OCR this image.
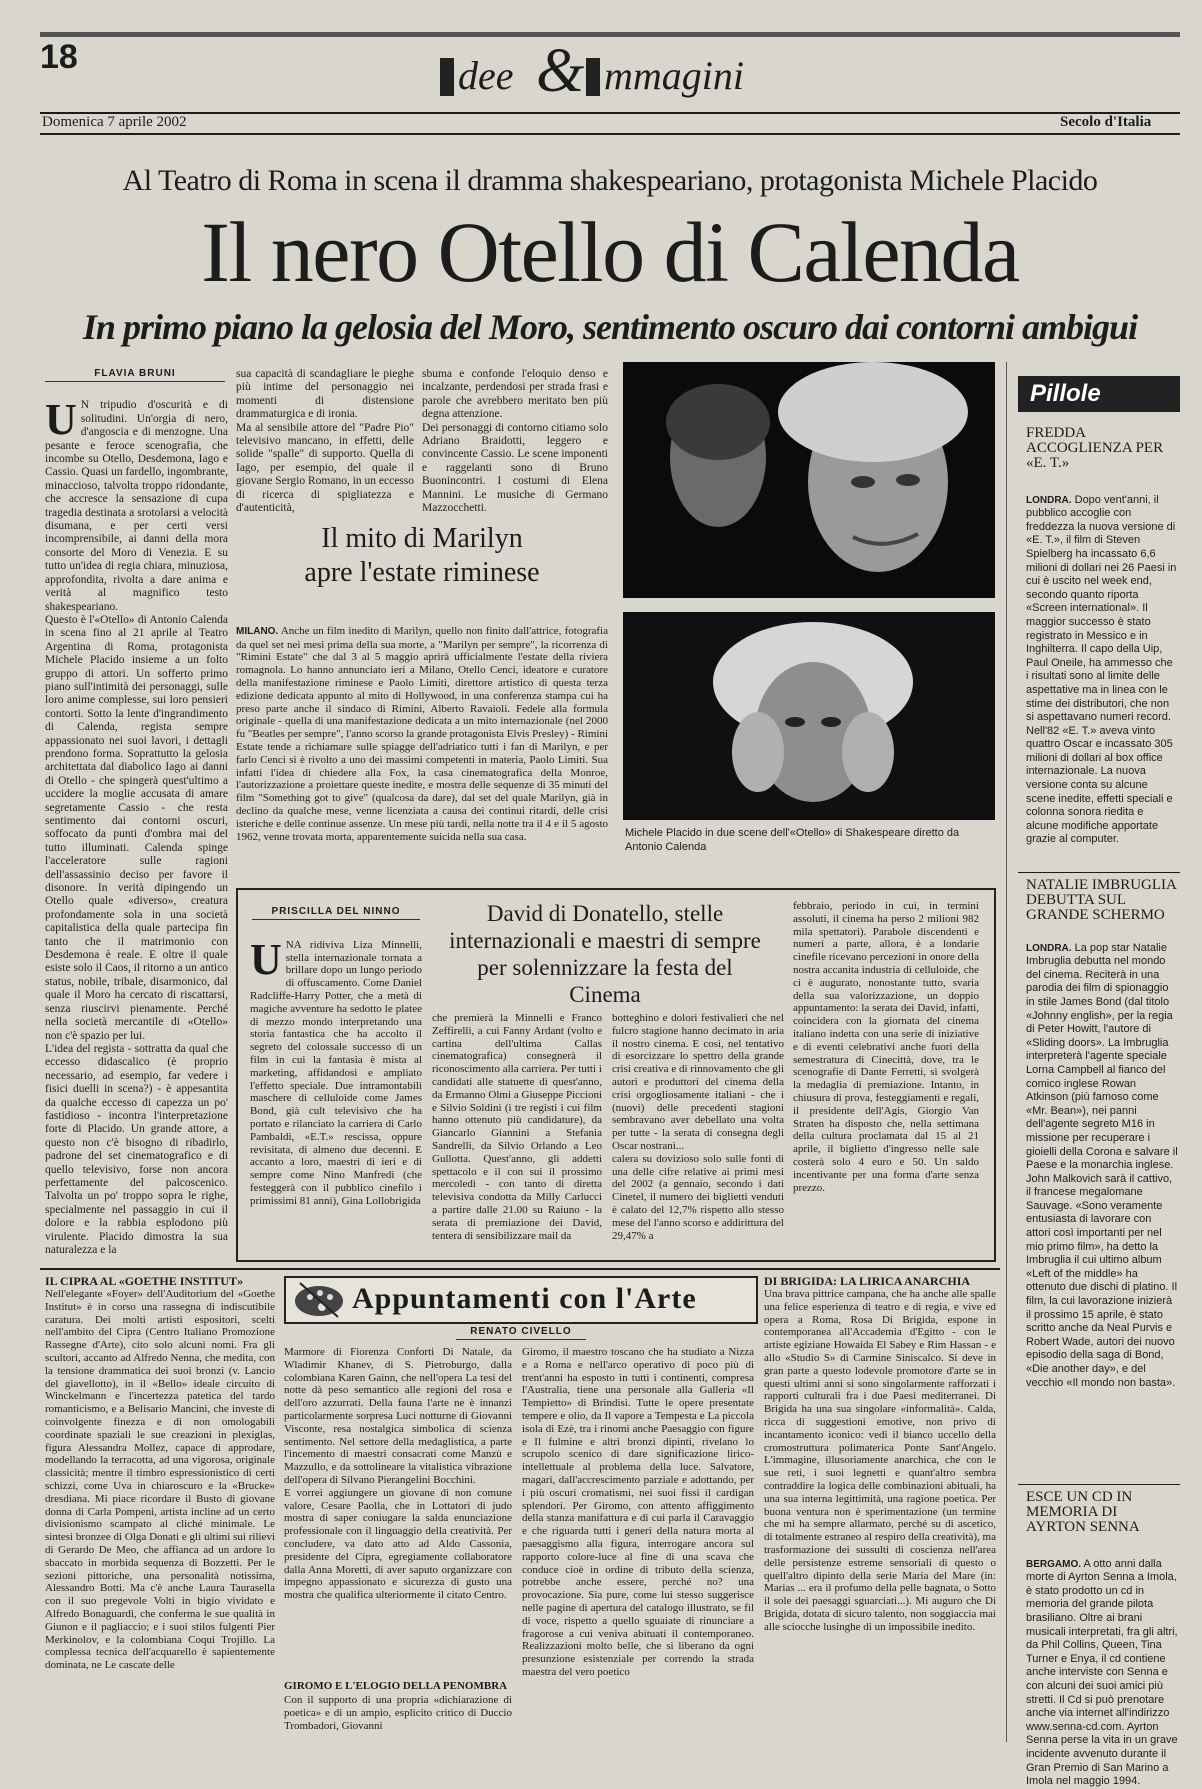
18	dee & mmagini
Domenica 7 aprile 2002	Secolo d'Italia
Al Teatro di Roma in scena il dramma shakespeariano, protagonista Michele Placido
Il nero Otello di Calenda
In primo piano la gelosia del Moro, sentimento oscuro dai contorni ambigui
FLAVIA BRUNI

U N tripudio d'oscurità e di solitudini. Un'orgia di nero, d'angoscia e di menzogne. Una pesante e feroce scenografia, che incombe su Otello, Desdemona, Iago e Cassio. Quasi un fardello, ingombrante, minaccioso, talvolta troppo ridondante, che accresce la sensazione di cupa tragedia destinata a srotolarsi a velocità disumana, e per certi versi incomprensibile, ai danni della mora consorte del Moro di Venezia. E su tutto un'idea di regia chiara, minuziosa, approfondita, rivolta a dare anima e verità al magnifico testo shakespeariano.
Questo è l'«Otello» di Antonio Calenda in scena fino al 21 aprile al Teatro Argentina di Roma, protagonista Michele Placido insieme a un folto gruppo di attori. Un sofferto primo piano sull'intimità dei personaggi, sulle loro anime complesse, sui loro pensieri contorti. Sotto la lente d'ingrandimento di Calenda, regista sempre appassionato nei suoi lavori, i dettagli prendono forma. Soprattutto la gelosia architettata dal diabolico Iago ai danni di Otello - che spingerà quest'ultimo a uccidere la moglie accusata di amare segretamente Cassio - che resta sentimento dai contorni oscuri, soffocato da punti d'ombra mai del tutto illuminati. Calenda spinge l'acceleratore sulle ragioni dell'assassinio deciso per favore il disonore. In verità dipingendo un Otello quale «diverso», creatura profondamente sola in una società capitalistica della quale partecipa fin tanto che il matrimonio con Desdemona è reale. E oltre il quale esiste solo il Caos, il ritorno a un antico status, nobile, tribale, disarmonico, dal quale il Moro ha cercato di riscattarsi, senza riuscirvi pienamente. Perché nella società mercantile di «Otello» non c'è spazio per lui.
L'idea del regista - sottratta da qual che eccesso didascalico (è proprio necessario, ad esempio, far vedere i fisici duelli in scena?) - è appesantita da qualche eccesso di capezza un po' fastidioso - incontra l'interpretazione forte di Placido. Un grande attore, a questo non c'è bisogno di ribadirlo, padrone del set cinematografico e di quello televisivo, forse non ancora perfettamente del palcoscenico. Talvolta un po' troppo sopra le righe, specialmente nel passaggio in cui il dolore e la rabbia esplodono più virulente. Placido dimostra la sua naturalezza e la

sua capacità di scandagliare le pieghe più intime del personaggio nei momenti di distensione drammaturgica e di ironia.
Ma al sensibile attore del "Padre Pio" televisivo mancano, in effetti, delle solide "spalle" di supporto. Quella di Iago, per esempio, del quale il giovane Sergio Romano, in un eccesso di ricerca di spigliatezza e d'autenticità,
sbuma e confonde l'eloquio denso e incalzante, perdendosi per strada frasi e parole che avrebbero meritato ben più degna attenzione.
Dei personaggi di contorno citiamo solo Adriano Braidotti, leggero e convincente Cassio. Le scene imponenti e raggelanti sono di Bruno Buonincontri. I costumi di Elena Mannini. Le musiche di Germano Mazzocchetti.
Il mito di Marilyn
apre l'estate riminese

MILANO. Anche un film inedito di Marilyn, quello non finito dall'attrice, fotografia da quel set nei mesi prima della sua morte, a "Marilyn per sempre", la ricorrenza di "Rimini Estate" che dal 3 al 5 maggio aprirà ufficialmente l'estate della riviera romagnola. Lo hanno annunciato ieri a Milano, Otello Cenci, ideatore e curatore della manifestazione riminese e Paolo Limiti, direttore artistico di questa terza edizione dedicata appunto al mito di Hollywood, in una conferenza stampa cui ha preso parte anche il sindaco di Rimini, Alberto Ravaioli. Fedele alla formula originale - quella di una manifestazione dedicata a un mito internazionale (nel 2000 fu "Beatles per sempre", l'anno scorso la grande protagonista Elvis Presley) - Rimini Estate tende a richiamare sulle spiagge dell'adriatico tutti i fan di Marilyn, e per farlo Cenci si è rivolto a uno dei massimi competenti in materia, Paolo Limiti. Sua infatti l'idea di chiedere alla Fox, la casa cinematografica della Monroe, l'autorizzazione a proiettare queste inedite, e mostra delle sequenze di 35 minuti del film "Something got to give" (qualcosa da dare), dal set del quale Marilyn, già in declino da qualche mese, venne licenziata a causa dei continui ritardi, delle crisi isteriche e delle continue assenze. Un mese più tardi, nella notte tra il 4 e il 5 agosto 1962, venne trovata morta, apparentemente suicida nella sua casa.	Michele Placido in due scene dell'«Otello» di Shakespeare diretto da Antonio Calenda
PRISCILLA DEL NINNO	David di Donatello, stelle internazionali e maestri di sempre per solennizzare la festa del Cinema

UNA ridiviva Liza Minnelli, stella internazionale tornata a brillare dopo un lungo periodo di offuscamento. Come Daniel Radcliffe-Harry Potter, che a metà di magiche avventure ha sedotto le platee di mezzo mondo interpretando una storia fantastica che ha accolto il segreto del colossale successo di un film in cui la fantasia è mista al marketing, affidandosi e ampliato l'effetto speciale. Due intramontabili maschere di celluloide come James Bond, già cult televisivo che ha portato e rilanciato la carriera di Carlo Pambaldi, «E.T.» rescissa, oppure revisitata, di almeno due decenni. E accanto a loro, maestri di ieri e di sempre come Nino Manfredi (che festeggerà con il pubblico cinefilo i primissimi 81 anni), Gina Lollobrigida

che premierà la Minnelli e Franco Zeffirelli, a cui Fanny Ardant (volto e cartina dell'ultima Callas cinematografica) consegnerà il riconoscimento alla carriera. Per tutti i candidati alle statuette di quest'anno, da Ermanno Olmi a Giuseppe Piccioni e Silvio Soldini (i tre registi i cui film hanno ottenuto più candidature), da Giancarlo Giannini a Stefania Sandrelli, da Silvio Orlando a Leo Gullotta. Quest'anno, gli addetti spettacolo e il con sui il prossimo mercoledì - con tanto di diretta televisiva condotta da Milly Carlucci a partire dalle 21.00 su Raiuno - la serata di premiazione dei David, tentera di sensibilizzare mail da
botteghino e dolori festivalieri che nel fulcro stagione hanno decimato in aria il nostro cinema. E così, nel tentativo di esorcizzare lo spettro della grande crisi creativa e di rinnovamento che gli autori e produttori del cinema della crisi orgogliosamente italiani - che i (nuovi) delle precedenti stagioni sembravano aver debellato una volta per tutte - la serata di consegna degli Oscar nostrani...
calera su dovizioso solo sulle fonti di una delle cifre relative ai primi mesi del 2002 (a gennaio, secondo i dati Cinetel, il numero dei biglietti venduti è calato del 12,7% rispetto allo stesso mese del l'anno scorso e addirittura del 29,47% a
febbraio, periodo in cui, in termini assoluti, il cinema ha perso 2 milioni 982 mila spettatori). Parabole discendenti e numeri a parte, allora, è a londarie cinefile ricevano percezioni in onore della nostra accanita industria di celluloide, che ci è augurato, nonostante tutto, svaria della sua valorizzazione, un doppio appuntamento: la serata dei David, infatti, coincidera con la giornata del cinema italiano indetta con una serie di iniziative e di eventi celebrativi anche fuori della semestratura di Cinecittà, dove, tra le scenografie di Dante Ferretti, si svolgerà la medaglia di premiazione. Intanto, in chiusura di prova, festeggiamenti e regali, il presidente dell'Agis, Giorgio Van Straten ha disposto che, nella settimana della cultura proclamata dal 15 al 21 aprile, il biglietto d'ingresso nelle sale costerà solo 4 euro e 50. Un saldo incentivante per una forma d'arte senza prezzo.
Pillole
FREDDA ACCOGLIENZA PER «E. T.»

LONDRA. Dopo vent'anni, il pubblico accoglie con freddezza la nuova versione di «E. T.», il film di Steven Spielberg ha incassato 6,6 milioni di dollari nei 26 Paesi in cui è uscito nel week end, secondo quanto riporta «Screen international». Il maggior successo è stato registrato in Messico e in Inghilterra. Il capo della Uip, Paul Oneile, ha ammesso che i risultati sono al limite delle aspettative ma in linea con le stime dei distributori, che non si aspettavano numeri record. Nell'82 «E. T.» aveva vinto quattro Oscar e incassato 305 milioni di dollari al box office internazionale. La nuova versione conta su alcune scene inedite, effetti speciali e colonna sonora riedita e alcune modifiche apportate grazie al computer.

NATALIE IMBRUGLIA DEBUTTA SUL GRANDE SCHERMO

LONDRA. La pop star Natalie Imbruglia debutta nel mondo del cinema. Reciterà in una parodia dei film di spionaggio in stile James Bond (dal titolo «Johnny english», per la regia di Peter Howitt, l'autore di «Sliding doors». La Imbruglia interpreterà l'agente speciale Lorna Campbell al fianco del comico inglese Rowan Atkinson (più famoso come «Mr. Bean»), nei panni dell'agente segreto M16 in missione per recuperare i gioielli della Corona e salvare il Paese e la monarchia inglese. John Malkovich sarà il cattivo, il francese megalomane Sauvage. «Sono veramente entusiasta di lavorare con attori così importanti per nel mio primo film», ha detto la Imbruglia il cui ultimo album «Left of the middle» ha ottenuto due dischi di platino. Il film, la cui lavorazione inizierà il prossimo 15 aprile, è stato scritto anche da Neal Purvis e Robert Wade, autori dei nuovo episodio della saga di Bond, «Die another day», e del vecchio «Il mondo non basta».

ESCE UN CD IN MEMORIA DI AYRTON SENNA

BERGAMO. A otto anni dalla morte di Ayrton Senna a Imola, è stato prodotto un cd in memoria del grande pilota brasiliano. Oltre ai brani musicali interpretati, fra gli altri, da Phil Collins, Queen, Tina Turner e Enya, il cd contiene anche interviste con Senna e con alcuni dei suoi amici più stretti. Il Cd si può prenotare anche via internet all'indirizzo www.senna-cd.com. Ayrton Senna perse la vita in un grave incidente avvenuto durante il Gran Premio di San Marino a Imola nel maggio 1994.

IL CIPRA AL «GOETHE INSTITUT»
Nell'elegante «Foyer» dell'Auditorium del «Goethe Institut» è in corso una rassegna di indiscutibile caratura. Dei molti artisti espositori, scelti nell'ambito del Cipra (Centro Italiano Promozione Rassegne d'Arte), cito solo alcuni nomi. Fra gli scultori, accanto ad Alfredo Nenna, che medita, con la tensione drammatica dei suoi bronzi (v. Lancio del giavellotto), in il «Bello» ideale circuito di Winckelmann e l'incertezza patetica del tardo romanticismo, e a Belisario Mancini, che investe di coinvolgente finezza e di non omologabili coordinate spaziali le sue creazioni in plexiglas, figura Alessandra Mollez, capace di approdare, modellando la terracotta, ad una vigorosa, originale classicità; mentre il timbro espressionistico di certi schizzi, come Uva in chiaroscuro e la «Brucke» dresdiana. Mi piace ricordare il Busto di giovane donna di Carla Pompeni, artista incline ad un certo divisionismo scampato al cliché minimale. Le sintesi bronzee di Olga Donati e gli ultimi sui rilievi di Gerardo De Meo, che affianca ad un ardore lo sbaccato in morbida sequenza di Bozzetti. Per le sezioni pittoriche, una personalità notissima, Alessandro Botti. Ma c'è anche Laura Taurasella con il suo pregevole Volti in bigio vividato e Alfredo Bonaguardi, che conferma le sue qualità in Giunon e il pagliaccio; e i suoi stilos fulgenti Pier Merkinolov, e la colombiana Coqui Trojillo. La complessa tecnica dell'acquarello è sapientemente dominata, ne Le cascate delle
Appuntamenti con l'Arte
RENATO CIVELLO
Marmore di Fiorenza Conforti Di Natale, da Wladimir Khanev, di S. Pietroburgo, dalla colombiana Karen Gainn, che nell'opera La tesi del notte dà peso semantico alle regioni del rosa e dell'oro azzurrati. Della fauna l'arte ne è innanzi particolarmente sorpresa Luci notturne di Giovanni Visconte, resa nostalgica simbolica di scienza sentimento. Nel settore della medaglistica, a parte l'incemento di maestri consacrati come Manzù e Mazzullo, e da sottolineare la vitalistica vibrazione dell'opera di Silvano Pierangelini Bocchini.
E vorrei aggiungere un giovane di non comune valore, Cesare Paolla, che in Lottatori di judo mostra di saper coniugare la salda enunciazione professionale con il linguaggio della creatività. Per concludere, va dato atto ad Aldo Cassonia, presidente del Cipra, egregiamente collaboratore dalla Anna Moretti, di aver saputo organizzare con impegno appassionato e sicurezza di gusto una mostra che qualifica ulteriormente il citato Centro.
GIROMO E L'ELOGIO DELLA PENOMBRA
Con il supporto di una propria «dichiarazione di poetica» e di un ampio, esplicito critico di Duccio Trombadori, Giovanni
Giromo, il maestro toscano che ha studiato a Nizza e a Roma e nell'arco operativo di poco più di trent'anni ha esposto in tutti i continenti, compresa l'Australia, tiene una personale alla Galleria «Il Tempietto» di Brindisi. Tutte le opere presentate tempere e olio, da Il vapore a Tempesta e La piccola isola di Ezè, tra i rinomi anche Paesaggio con figure e Il fulmine e altri bronzi dipinti, rivelano lo scrupolo scenico di dare significazione lirico-intellettuale al problema della luce. Salvatore, magari, dall'accrescimento parziale e adottando, per i più oscuri cromatismi, nei suoi fissi il cardigan splendori. Per Giromo, con attento affiggimento della stanza manifattura e di cui parla il Caravaggio e che riguarda tutti i generi della natura morta al paesaggismo alla figura, interrogare ancora sul rapporto colore-luce al fine di una scava che conduce cioè in ordine di tributo della scienza, potrebbe anche essere, perché no? una provocazione. Sia pure, come lui stesso suggerisce nelle pagine di apertura del catalogo illustrato, se fil di voce, rispetto a quello sguaiate di rinunciare a fragorose a cui veniva abituati il contemporaneo. Realizzazioni molto belle, che si liberano da ogni presunzione esistenziale per correndo la strada maestra del vero poetico
DI BRIGIDA: LA LIRICA ANARCHIA
Una brava pittrice campana, che ha anche alle spalle una felice esperienza di teatro e di regia, e vive ed opera a Roma, Rosa Di Brigida, espone in contemporanea all'Accademia d'Egitto - con le artiste egiziane Howaida El Sabey e Rim Hassan - e allo «Studio S» di Carmine Siniscalco. Si deve in gran parte a questo lodevole promotore d'arte se in questi ultimi anni si sono singolarmente rafforzati i rapporti culturali fra i due Paesi mediterranei. Di Brigida ha una sua singolare «informalità». Calda, ricca di suggestioni emotive, non privo di incantamento iconico: vedi il bianco uccello della cromostruttura polimaterica Ponte Sant'Angelo. L'immagine, illusoriamente anarchica, che con le sue reti, i suoi legnetti e quant'altro sembra contraddire la logica delle combinazioni abituali, ha una sua interna legittimità, una ragione poetica. Per buona ventura non è sperimentazione (un termine che mi ha sempre allarmato, perché su di ascetico, di totalmente estraneo al respiro della creatività), ma trasformazione dei sussulti di coscienza nell'area delle persistenze estreme sensoriali di questo o quell'altro dipinto della serie Maria del Mare (in: Marias ... era il profumo della pelle bagnata, o Sotto il sole dei paesaggi sguarciati...). Mi auguro che Di Brigida, dotata di sicuro talento, non soggiaccia mai alle sciocche lusinghe di un impossibile inedito.
